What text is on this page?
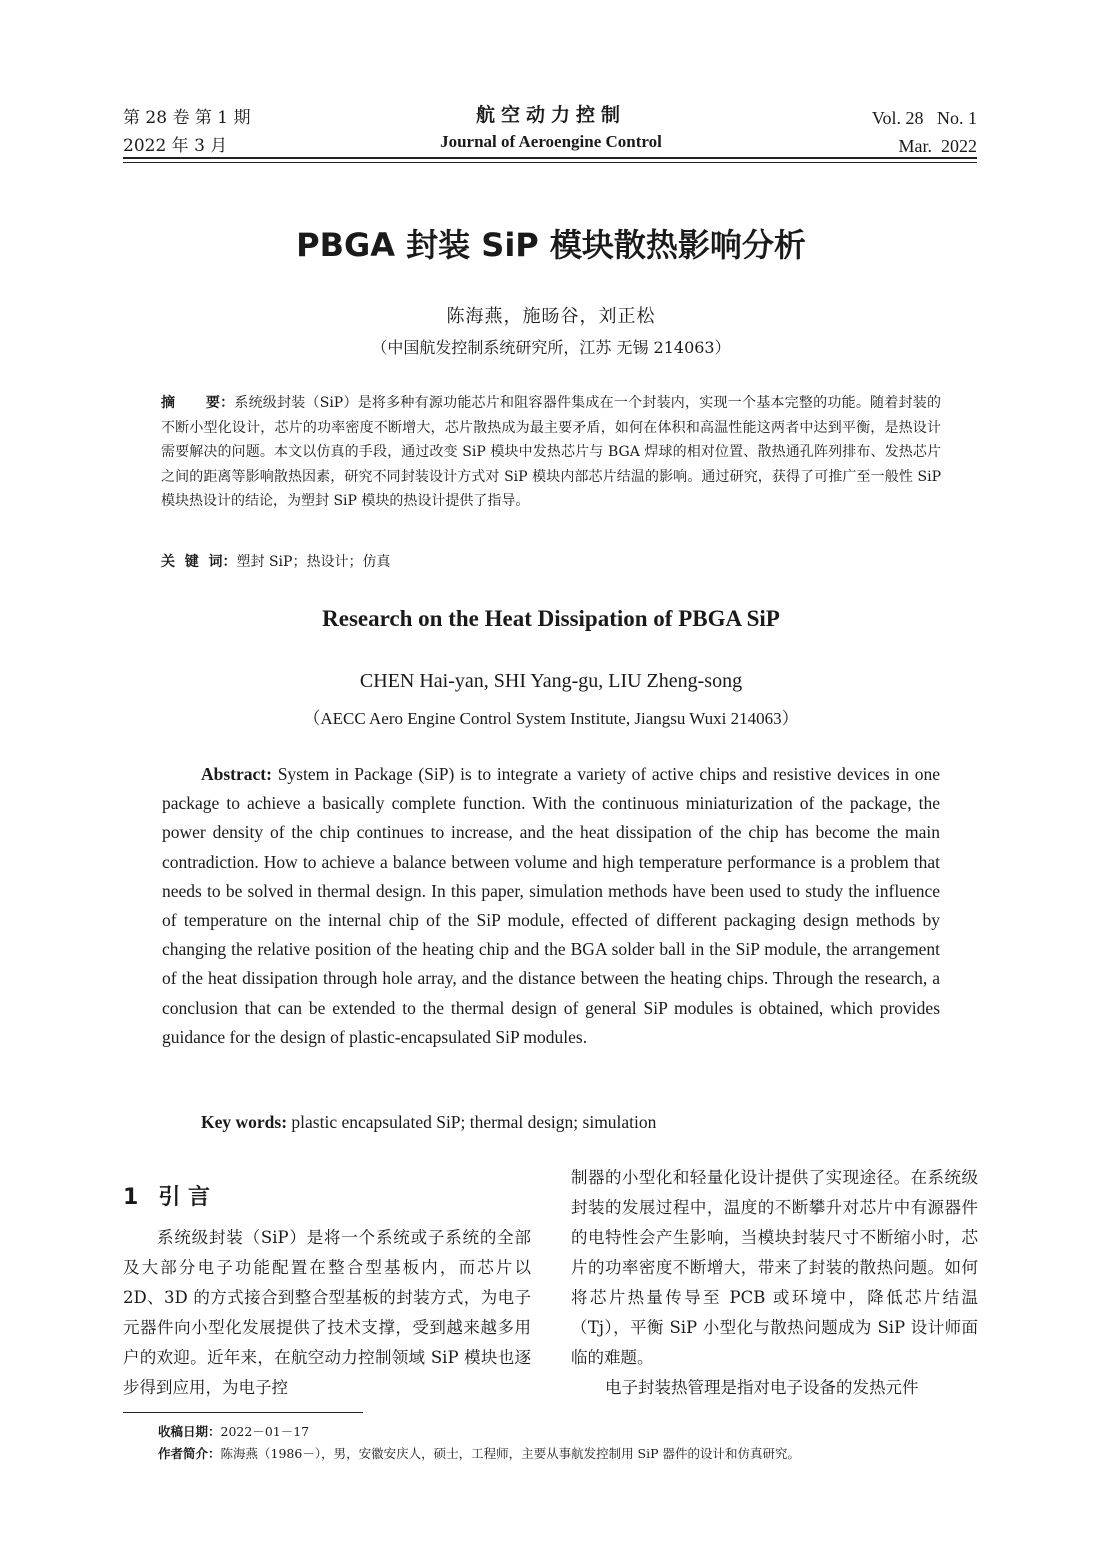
第 28 卷 第 1 期
2022 年 3 月
航空动力控制
Journal of Aeroengine Control
Vol. 28   No. 1
Mar.  2022
PBGA 封装 SiP 模块散热影响分析
陈海燕，施旸谷，刘正松
（中国航发控制系统研究所，江苏 无锡 214063）
摘      要：系统级封装（SiP）是将多种有源功能芯片和阻容器件集成在一个封装内，实现一个基本完整的功能。随着封装的不断小型化设计，芯片的功率密度不断增大，芯片散热成为最主要矛盾，如何在体积和高温性能这两者中达到平衡，是热设计需要解决的问题。本文以仿真的手段，通过改变 SiP 模块中发热芯片与 BGA 焊球的相对位置、散热通孔阵列排布、发热芯片之间的距离等影响散热因素，研究不同封装设计方式对 SiP 模块内部芯片结温的影响。通过研究，获得了可推广至一般性 SiP 模块热设计的结论，为塑封 SiP 模块的热设计提供了指导。
关  键  词：塑封 SiP；热设计；仿真
Research on the Heat Dissipation of PBGA SiP
CHEN Hai-yan, SHI Yang-gu, LIU Zheng-song
（AECC Aero Engine Control System Institute, Jiangsu Wuxi 214063）
Abstract: System in Package (SiP) is to integrate a variety of active chips and resistive devices in one package to achieve a basically complete function. With the continuous miniaturization of the package, the power density of the chip continues to increase, and the heat dissipation of the chip has become the main contradiction. How to achieve a balance between volume and high temperature performance is a problem that needs to be solved in thermal design. In this paper, simulation methods have been used to study the influence of temperature on the internal chip of the SiP module, effected of different packaging design methods by changing the relative position of the heating chip and the BGA solder ball in the SiP module, the arrangement of the heat dissipation through hole array, and the distance between the heating chips. Through the research, a conclusion that can be extended to the thermal design of general SiP modules is obtained, which provides guidance for the design of plastic-encapsulated SiP modules.
Key words: plastic encapsulated SiP; thermal design; simulation
1 引 言
系统级封装（SiP）是将一个系统或子系统的全部及大部分电子功能配置在整合型基板内，而芯片以 2D、3D 的方式接合到整合型基板的封装方式，为电子元器件向小型化发展提供了技术支撑，受到越来越多用户的欢迎。近年来，在航空动力控制领域 SiP 模块也逐步得到应用，为电子控
制器的小型化和轻量化设计提供了实现途径。在系统级封装的发展过程中，温度的不断攀升对芯片中有源器件的电特性会产生影响，当模块封装尺寸不断缩小时，芯片的功率密度不断增大，带来了封装的散热问题。如何将芯片热量传导至 PCB 或环境中，降低芯片结温（Tj），平衡 SiP 小型化与散热问题成为 SiP 设计师面临的难题。
电子封装热管理是指对电子设备的发热元件
收稿日期：2022－01－17
作者简介：陈海燕（1986－），男，安徽安庆人，硕士，工程师，主要从事航发控制用 SiP 器件的设计和仿真研究。
